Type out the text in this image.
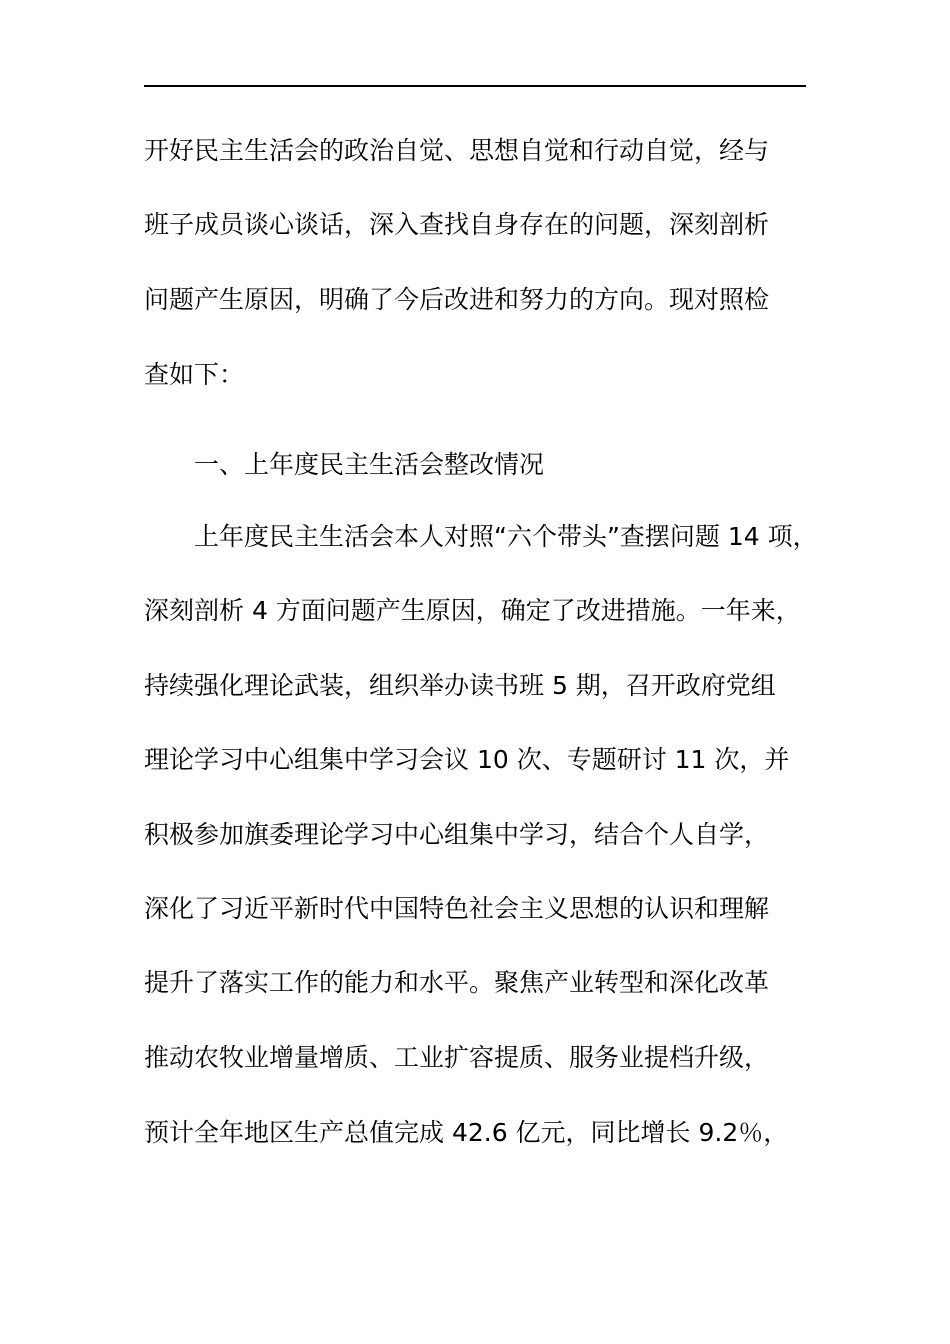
开好民主生活会的政治自觉、思想自觉和行动自觉，经与
班子成员谈心谈话，深入查找自身存在的问题，深刻剖析
问题产生原因，明确了今后改进和努力的方向。现对照检
查如下：
一、上年度民主生活会整改情况
上年度民主生活会本人对照“六个带头”查摆问题 14 项，
深刻剖析 4 方面问题产生原因，确定了改进措施。一年来，
持续强化理论武装，组织举办读书班 5 期，召开政府党组
理论学习中心组集中学习会议 10 次、专题研讨 11 次，并
积极参加旗委理论学习中心组集中学习，结合个人自学，
深化了习近平新时代中国特色社会主义思想的认识和理解
提升了落实工作的能力和水平。聚焦产业转型和深化改革
推动农牧业增量增质、工业扩容提质、服务业提档升级，
预计全年地区生产总值完成 42.6 亿元，同比增长 9.2％，
